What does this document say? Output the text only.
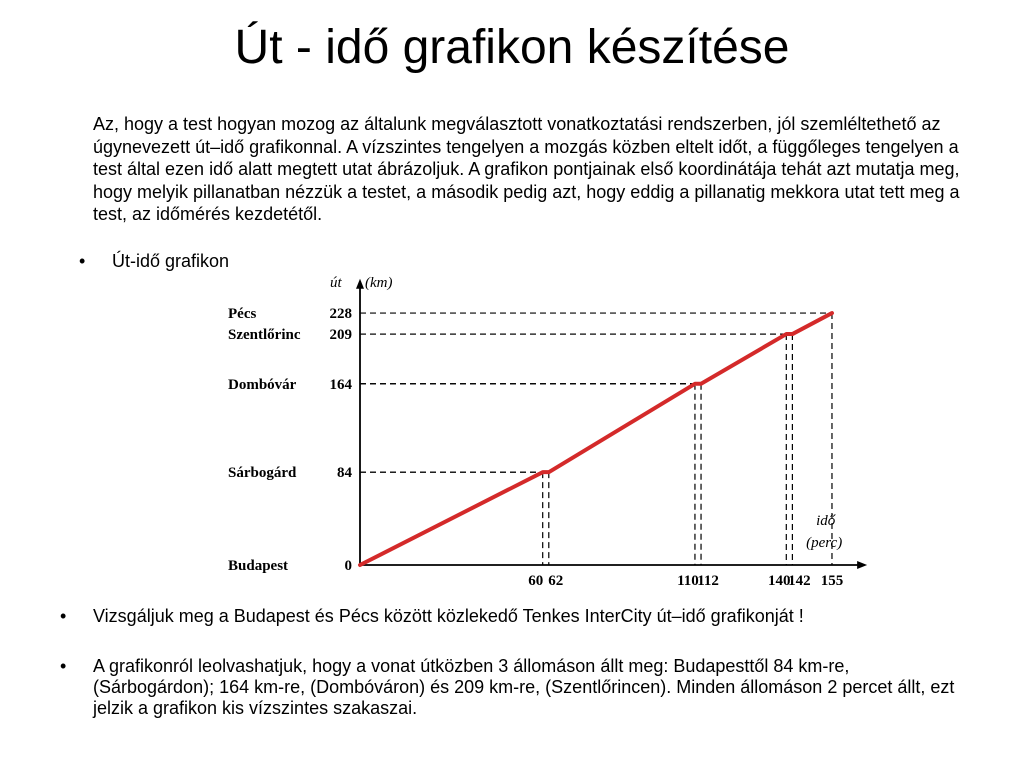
Út - idő grafikon készítése
Az, hogy a test hogyan mozog az általunk megválasztott vonatkoztatási rendszerben, jól szemléltethető az úgynevezett út–idő grafikonnal. A vízszintes tengelyen a mozgás közben eltelt időt, a függőleges tengelyen a test által ezen idő alatt megtett utat ábrázoljuk. A grafikon pontjainak első koordinátája tehát azt mutatja meg, hogy melyik pillanatban nézzük a testet, a második pedig azt, hogy eddig a pillanatig mekkora utat tett meg a test, az időmérés kezdetétől.
• Út-idő grafikon
0
Budapest
84
Sárbogárd
164
Dombóvár
209
Szentlőrinc
228
Pécs
60 62	110
112	140
142 155
út (km)
idő
(perc)
• Vizsgáljuk meg a Budapest és Pécs között közlekedő Tenkes InterCity út–idő grafikonját !
• A grafikonról leolvashatjuk, hogy a vonat útközben 3 állomáson állt meg: Budapesttől 84 km-re, (Sárbogárdon); 164 km-re, (Dombóváron) és 209 km-re, (Szentlőrincen). Minden állomáson 2 percet állt, ezt jelzik a grafikon kis vízszintes szakaszai.
